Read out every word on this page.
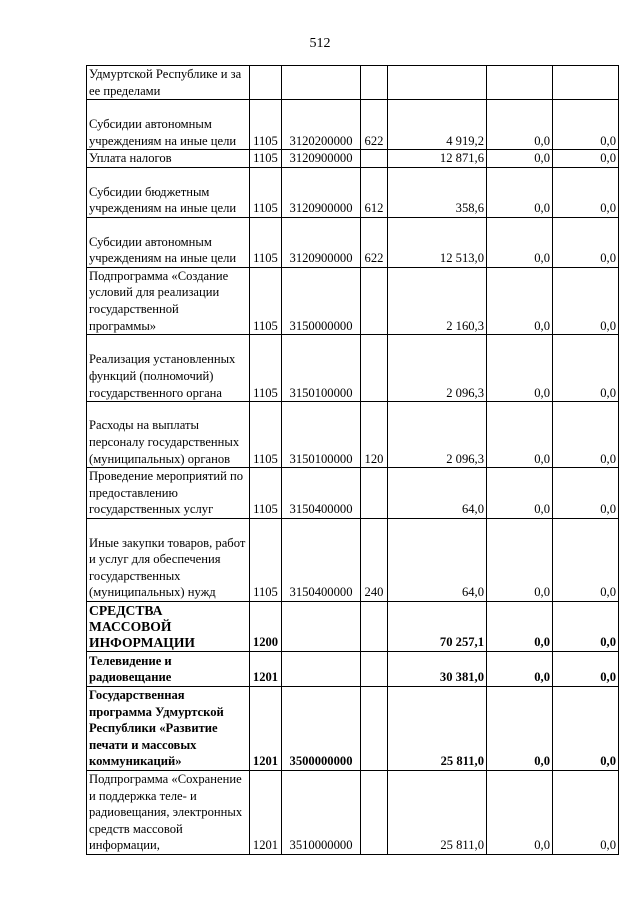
512
Удмуртской Республике и за ее пределами						
Субсидии автономным учреждениям на иные цели	1105	3120200000	622	4 919,2	0,0	0,0
Уплата налогов	1105	3120900000		12 871,6	0,0	0,0
Субсидии бюджетным учреждениям на иные цели	1105	3120900000	612	358,6	0,0	0,0
Субсидии автономным учреждениям на иные цели	1105	3120900000	622	12 513,0	0,0	0,0
Подпрограмма «Создание условий для реализации государственной программы»	1105	3150000000		2 160,3	0,0	0,0
Реализация установленных функций (полномочий) государственного органа	1105	3150100000		2 096,3	0,0	0,0
Расходы на выплаты персоналу государственных (муниципальных) органов	1105	3150100000	120	2 096,3	0,0	0,0
Проведение мероприятий по предоставлению государственных услуг	1105	3150400000		64,0	0,0	0,0
Иные закупки товаров, работ и услуг для обеспечения государственных (муниципальных) нужд	1105	3150400000	240	64,0	0,0	0,0
СРЕДСТВА МАССОВОЙ ИНФОРМАЦИИ	1200			70 257,1	0,0	0,0
Телевидение и радиовещание	1201			30 381,0	0,0	0,0
Государственная программа Удмуртской Республики «Развитие печати и массовых коммуникаций»	1201	3500000000		25 811,0	0,0	0,0
Подпрограмма «Сохранение и поддержка теле- и радиовещания, электронных средств массовой информации,	1201	3510000000		25 811,0	0,0	0,0
